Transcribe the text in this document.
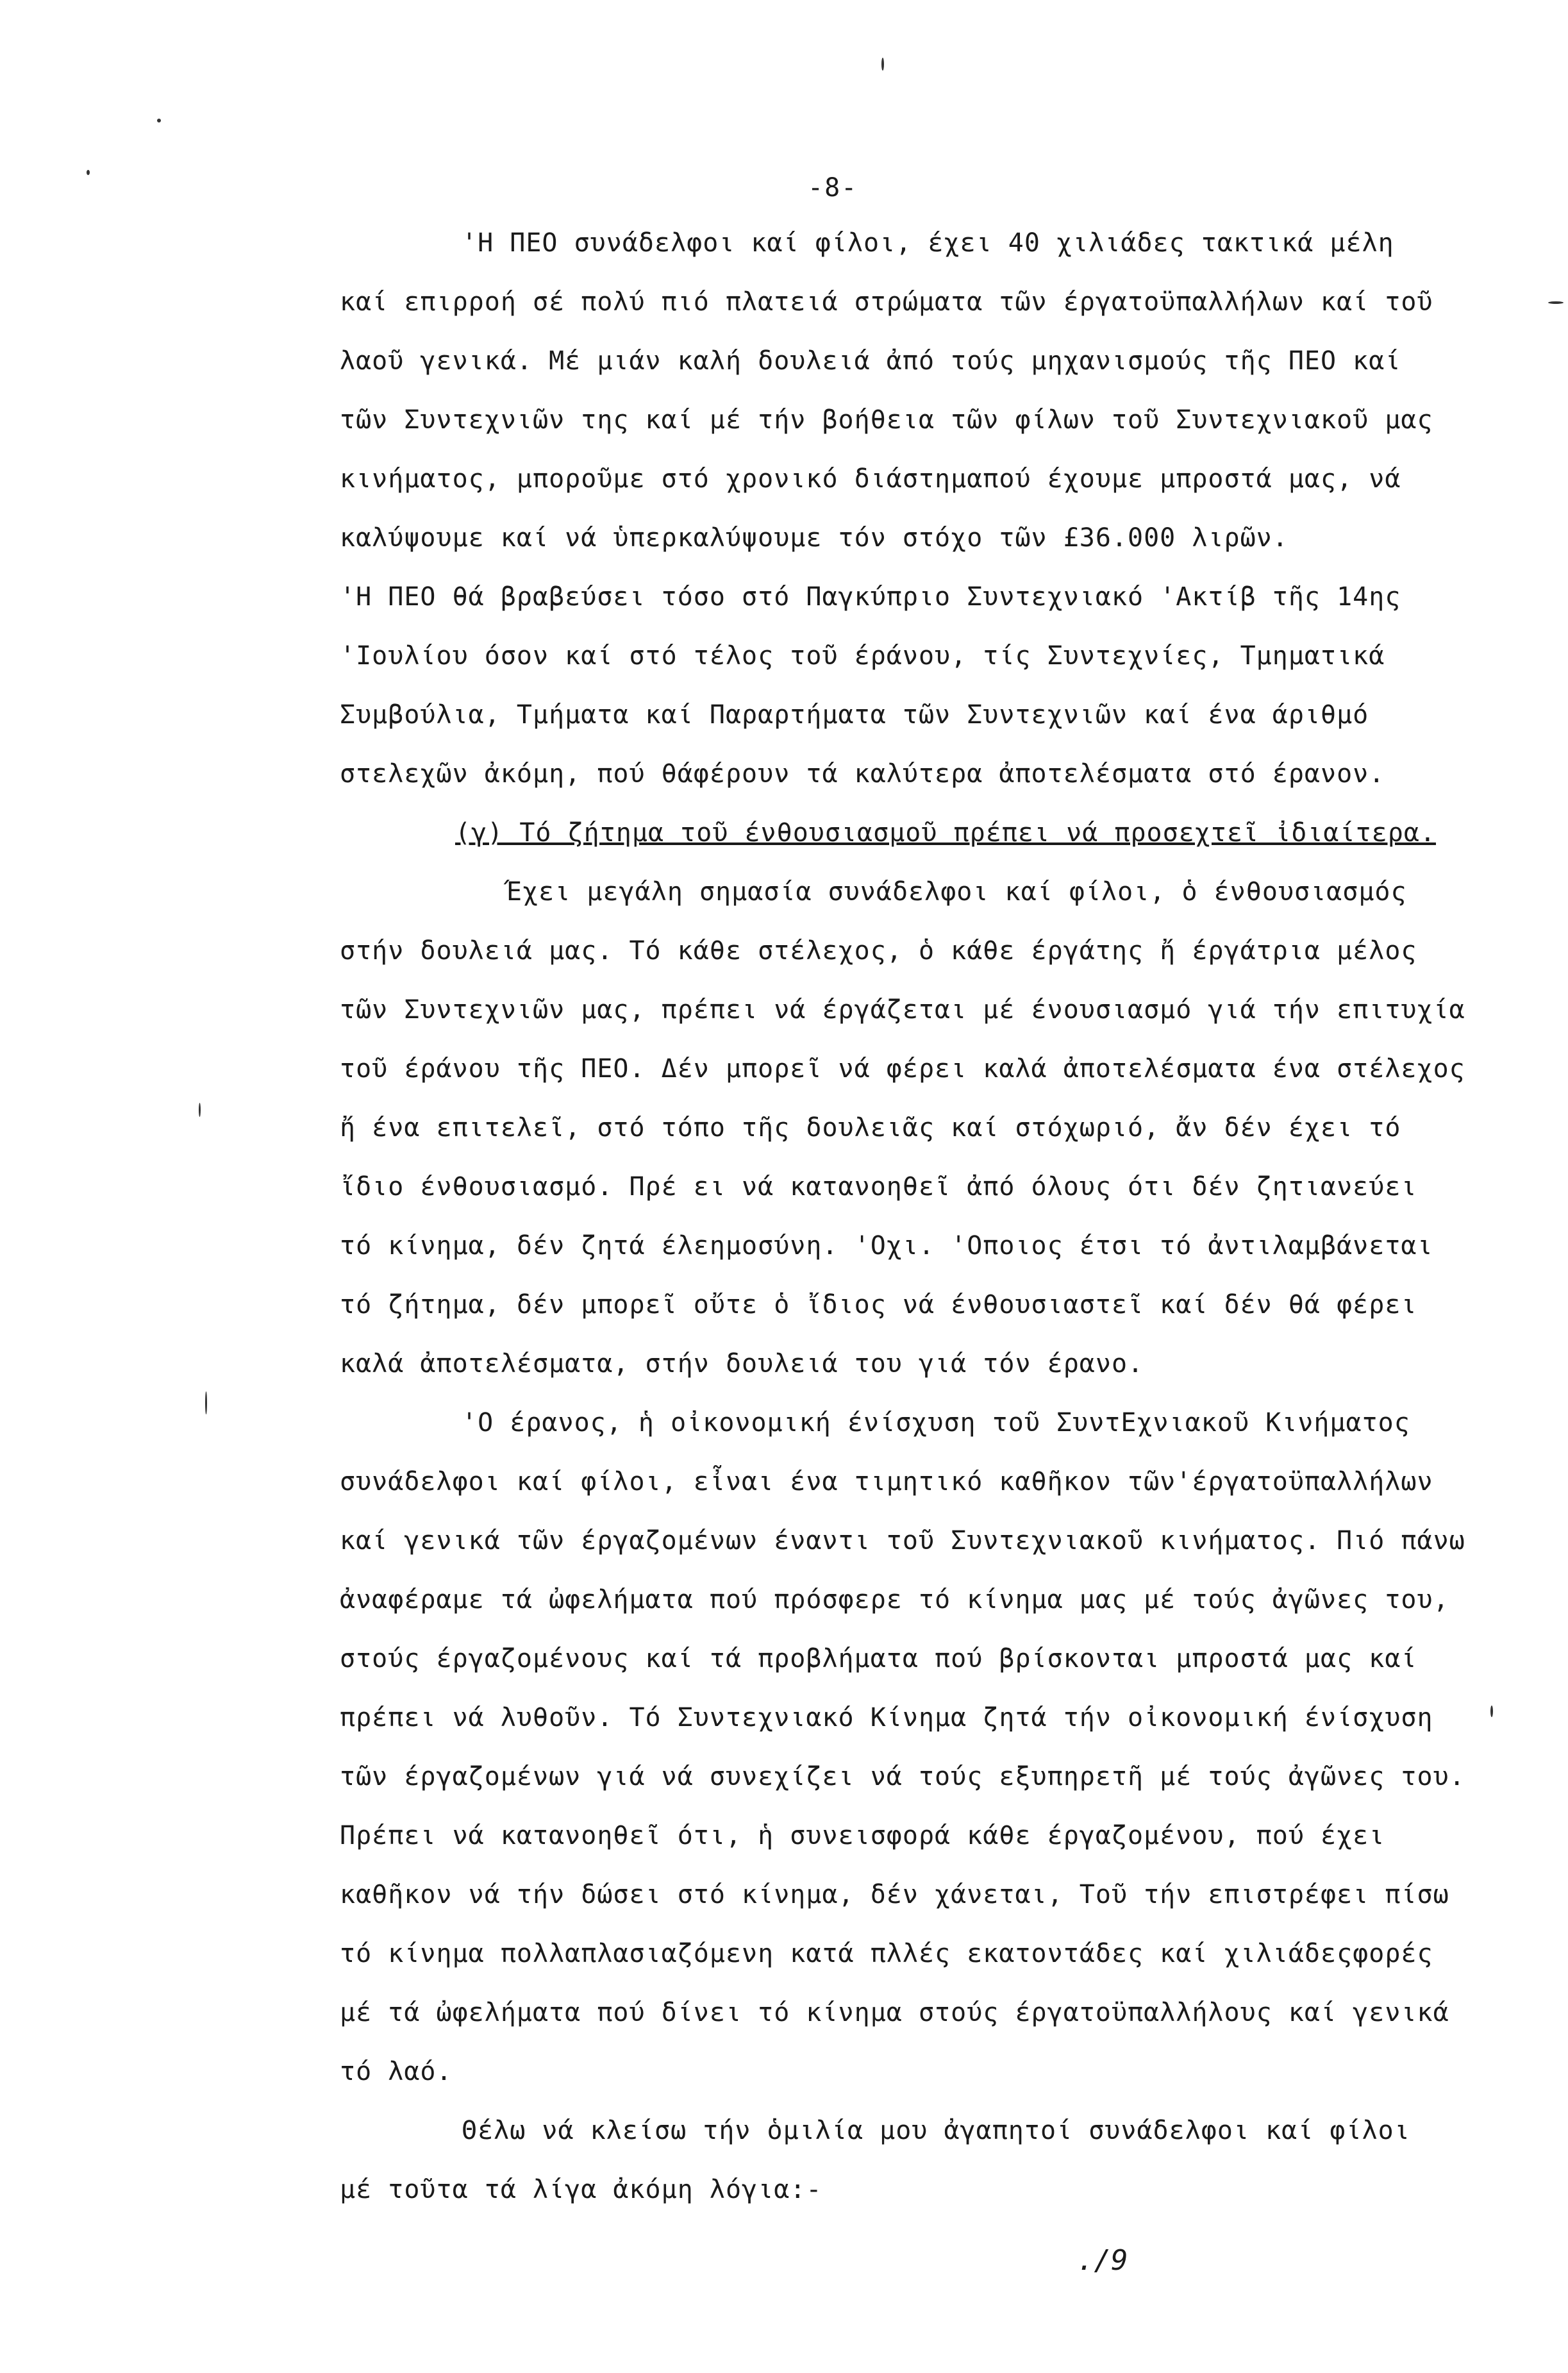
-8-
'Η ΠΕΟ συνάδελφοι καί φίλοι, έχει 40 χιλιάδες τακτικά μέλη
καί επιρροή σέ πολύ πιό πλατειά στρώματα τῶν έργατοϋπαλλήλων καί τοῦ
λαοῦ γενικά. Μέ μιάν καλή δουλειά ἀπό τούς μηχανισμούς τῆς ΠΕΟ καί
τῶν Συντεχνιῶν της καί μέ τήν βοήθεια τῶν φίλων τοῦ Συντεχνιακοῦ μας
κινήματος, μποροῦμε στό χρονικό διάστημαπού έχουμε μπροστά μας, νά
καλύψουμε καί νά ὑπερκαλύψουμε τόν στόχο τῶν £36.000 λιρῶν.
'Η ΠΕΟ θά βραβεύσει τόσο στό Παγκύπριο Συντεχνιακό 'Ακτίβ τῆς 14ης
'Ιουλίου όσον καί στό τέλος τοῦ έράνου, τίς Συντεχνίες, Τμηματικά
Συμβούλια, Τμήματα καί Παραρτήματα τῶν Συντεχνιῶν καί ένα άριθμό
στελεχῶν ἀκόμη, πού θάφέρουν τά καλύτερα ἀποτελέσματα στό έρανον.
(γ) Τό ζήτημα τοῦ ένθουσιασμοῦ πρέπει νά προσεχτεῖ ἰδιαίτερα.
Έχει μεγάλη σημασία συνάδελφοι καί φίλοι, ὁ ένθουσιασμός
στήν δουλειά μας. Τό κάθε στέλεχος, ὁ κάθε έργάτης ἤ έργάτρια μέλος
τῶν Συντεχνιῶν μας, πρέπει νά έργάζεται μέ ένουσιασμό γιά τήν επιτυχία
τοῦ έράνου τῆς ΠΕΟ. Δέν μπορεῖ νά φέρει καλά ἀποτελέσματα ένα στέλεχος
ἤ ένα επιτελεῖ, στό τόπο τῆς δουλειᾶς καί στόχωριό, ἄν δέν έχει τό
ἴδιο ένθουσιασμό. Πρέ ει νά κατανοηθεῖ ἀπό όλους ότι δέν ζητιανεύει
τό κίνημα, δέν ζητά έλεημοσύνη. 'Οχι. 'Οποιος έτσι τό ἀντιλαμβάνεται
τό ζήτημα, δέν μπορεῖ οὔτε ὁ ἴδιος νά ένθουσιαστεῖ καί δέν θά φέρει
καλά ἀποτελέσματα, στήν δουλειά του γιά τόν έρανο.
'Ο έρανος, ἡ οἰκονομική ένίσχυση τοῦ ΣυντΕχνιακοῦ Κινήματος
συνάδελφοι καί φίλοι, εἶναι ένα τιμητικό καθῆκον τῶν'έργατοϋπαλλήλων
καί γενικά τῶν έργαζομένων έναντι τοῦ Συντεχνιακοῦ κινήματος. Πιό πάνω
ἀναφέραμε τά ὠφελήματα πού πρόσφερε τό κίνημα μας μέ τούς ἀγῶνες του,
στούς έργαζομένους καί τά προβλήματα πού βρίσκονται μπροστά μας καί
πρέπει νά λυθοῦν. Τό Συντεχνιακό Κίνημα ζητά τήν οἰκονομική ένίσχυση
τῶν έργαζομένων γιά νά συνεχίζει νά τούς εξυπηρετῆ μέ τούς ἀγῶνες του.
Πρέπει νά κατανοηθεῖ ότι, ἡ συνεισφορά κάθε έργαζομένου, πού έχει
καθῆκον νά τήν δώσει στό κίνημα, δέν χάνεται, Τοῦ τήν επιστρέφει πίσω
τό κίνημα πολλαπλασιαζόμενη κατά πλλές εκατοντάδες καί χιλιάδεςφορές
μέ τά ὠφελήματα πού δίνει τό κίνημα στούς έργατοϋπαλλήλους καί γενικά
τό λαό.
Θέλω νά κλείσω τήν ὁμιλία μου ἀγαπητοί συνάδελφοι καί φίλοι
μέ τοῦτα τά λίγα ἀκόμη λόγια:-
./9
